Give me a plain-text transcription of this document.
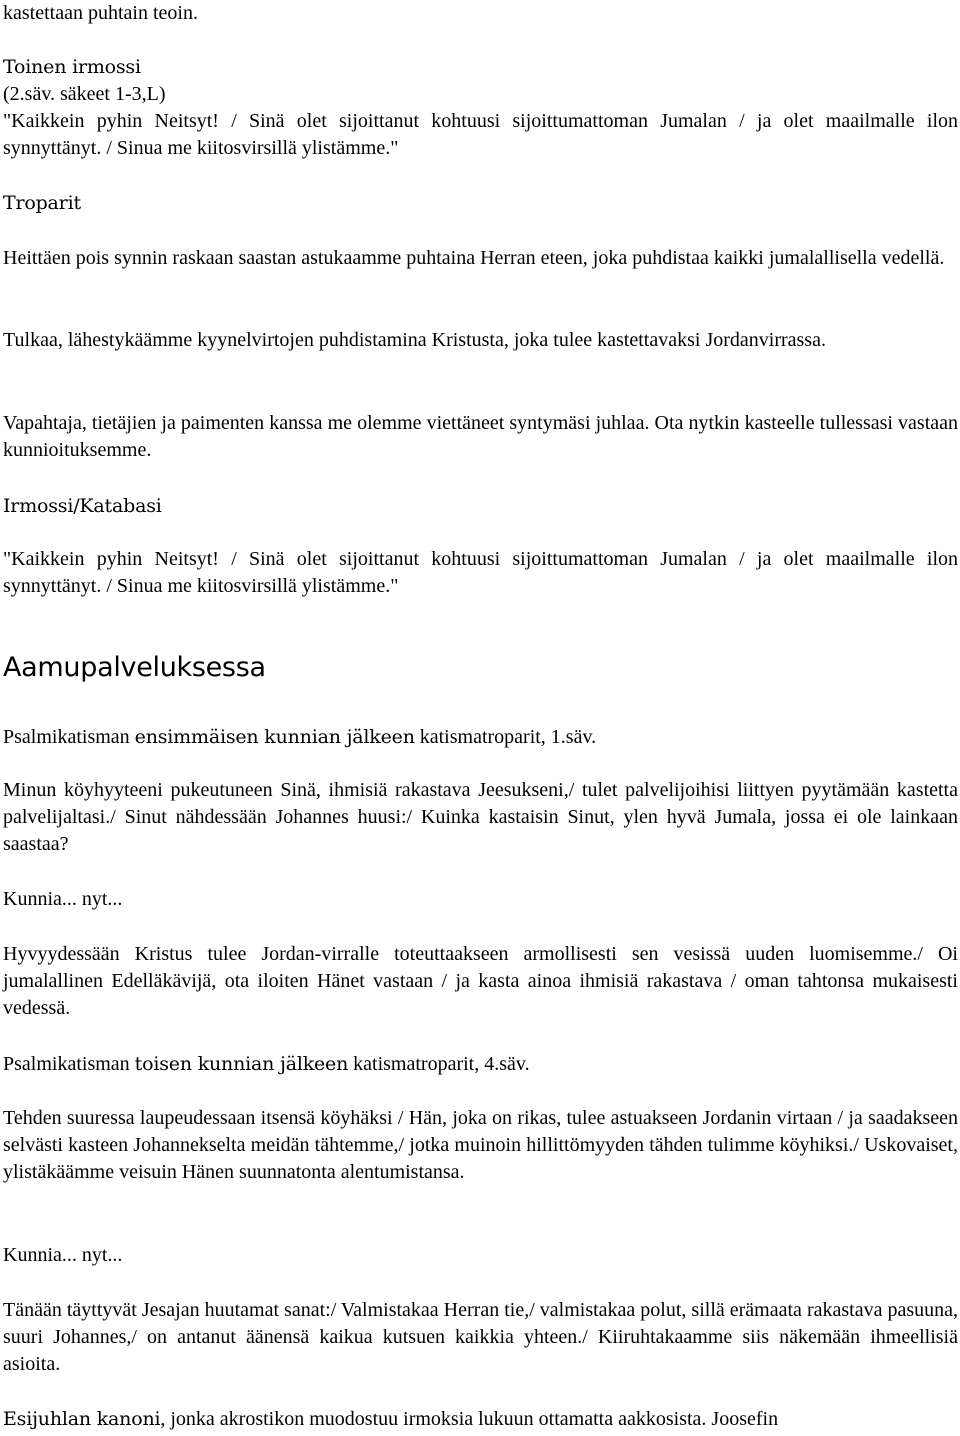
kastettaan puhtain teoin.

Toinen irmossi

(2.säv. säkeet 1-3,L)

"Kaikkein pyhin Neitsyt! / Sinä olet sijoittanut kohtuusi sijoittumattoman Jumalan / ja olet maailmalle ilon synnyttänyt. / Sinua me kiitosvirsillä ylistämme."

Troparit

Heittäen pois synnin raskaan saastan astukaamme puhtaina Herran eteen, joka puhdistaa kaikki jumalallisella vedellä.

Tulkaa, lähestykäämme kyynelvirtojen puhdistamina Kristusta, joka tulee kastettavaksi Jordanvirrassa.

Vapahtaja, tietäjien ja paimenten kanssa me olemme viettäneet syntymäsi juhlaa. Ota nytkin kasteelle tullessasi vastaan kunnioituksemme.

Irmossi/Katabasi

"Kaikkein pyhin Neitsyt! / Sinä olet sijoittanut kohtuusi sijoittumattoman Jumalan / ja olet maailmalle ilon synnyttänyt. / Sinua me kiitosvirsillä ylistämme."

Aamupalveluksessa

Psalmikatisman ensimmäisen kunnian jälkeen katismatroparit, 1.säv.

Minun köyhyyteeni pukeutuneen Sinä, ihmisiä rakastava Jeesukseni,/ tulet palvelijoihisi liittyen pyytämään kastetta palvelijaltasi./ Sinut nähdessään Johannes huusi:/ Kuinka kastaisin Sinut, ylen hyvä Jumala, jossa ei ole lainkaan saastaa?

Kunnia... nyt...

Hyvyydessään Kristus tulee Jordan-virralle toteuttaakseen armollisesti sen vesissä uuden luomisemme./ Oi jumalallinen Edelläkävijä, ota iloiten Hänet vastaan / ja kasta ainoa ihmisiä rakastava / oman tahtonsa mukaisesti vedessä.

Psalmikatisman toisen kunnian jälkeen katismatroparit, 4.säv.

Tehden suuressa laupeudessaan itsensä köyhäksi / Hän, joka on rikas, tulee astuakseen Jordanin virtaan / ja saadakseen selvästi kasteen Johannekselta meidän tähtemme,/ jotka muinoin hillittömyyden tähden tulimme köyhiksi./ Uskovaiset, ylistäkäämme veisuin Hänen suunnatonta alentumistansa.

Kunnia... nyt...

Tänään täyttyvät Jesajan huutamat sanat:/ Valmistakaa Herran tie,/ valmistakaa polut, sillä erämaata rakastava pasuuna, suuri Johannes,/ on antanut äänensä kaikua kutsuen kaikkia yhteen./ Kiiruhtakaamme siis näkemään ihmeellisiä asioita.

Esijuhlan kanoni, jonka akrostikon muodostuu irmoksia lukuun ottamatta aakkosista. Joosefin
